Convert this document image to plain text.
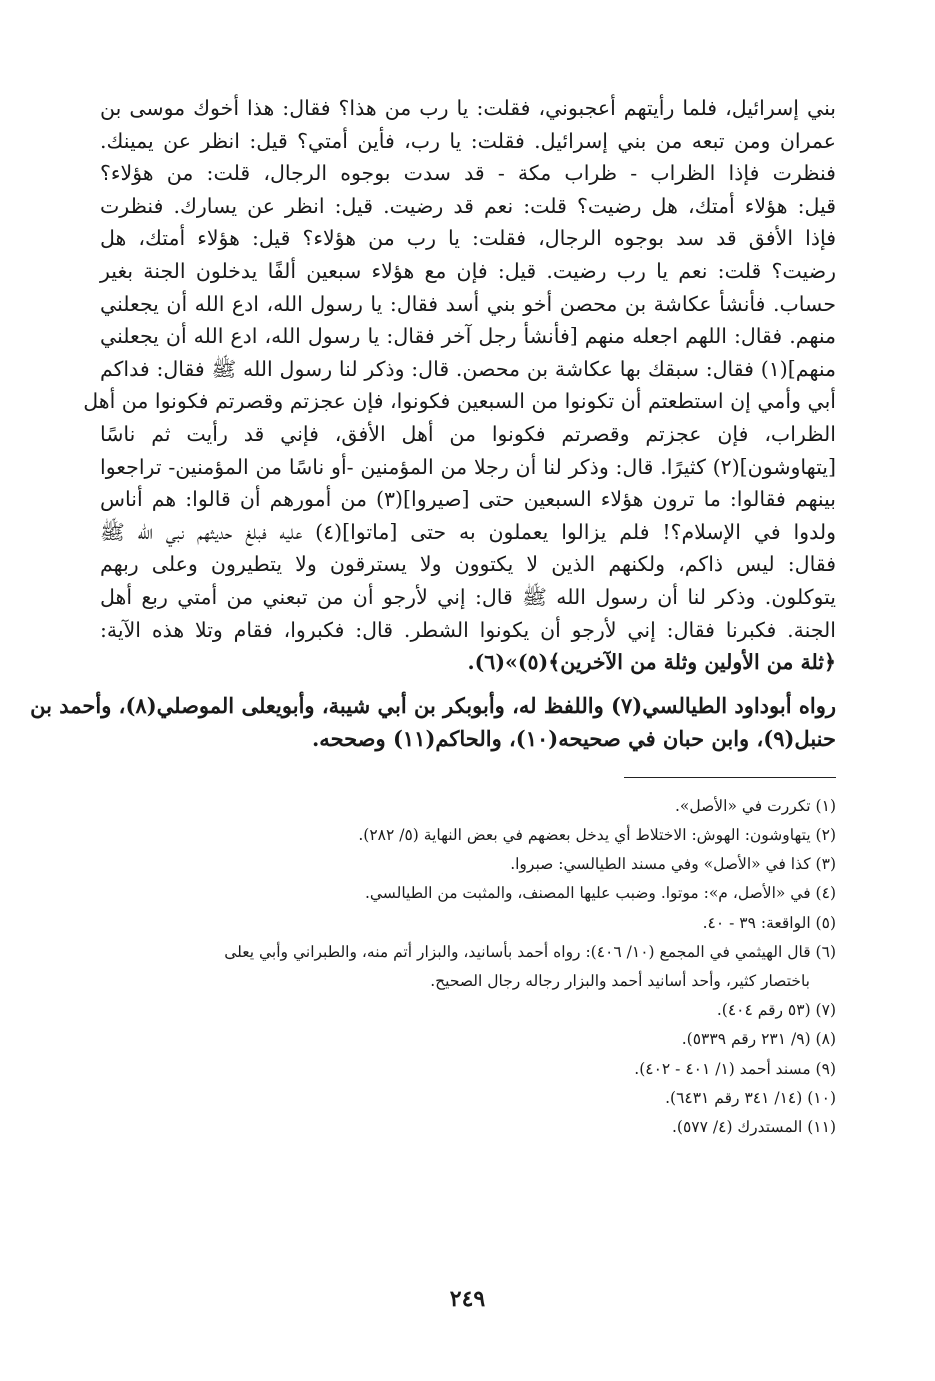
بني إسرائيل، فلما رأيتهم أعجبوني، فقلت: يا رب من هذا؟ فقال: هذا أخوك موسى بن
عمران ومن تبعه من بني إسرائيل. فقلت: يا رب، فأين أمتي؟ قيل: انظر عن يمينك.
فنظرت فإذا الظراب - ظراب مكة - قد سدت بوجوه الرجال، قلت: من هؤلاء؟
قيل: هؤلاء أمتك، هل رضيت؟ قلت: نعم قد رضيت. قيل: انظر عن يسارك. فنظرت
فإذا الأفق قد سد بوجوه الرجال، فقلت: يا رب من هؤلاء؟ قيل: هؤلاء أمتك، هل
رضيت؟ قلت: نعم يا رب رضيت. قيل: فإن مع هؤلاء سبعين ألفًا يدخلون الجنة بغير
حساب. فأنشأ عكاشة بن محصن أخو بني أسد فقال: يا رسول الله، ادع الله أن يجعلني
منهم. فقال: اللهم اجعله منهم [فأنشأ رجل آخر فقال: يا رسول الله، ادع الله أن يجعلني
منهم](١) فقال: سبقك بها عكاشة بن محصن. قال: وذكر لنا رسول الله ﷺ فقال: فداكم
أبي وأمي إن استطعتم أن تكونوا من السبعين فكونوا، فإن عجزتم وقصرتم فكونوا من أهل
الظراب، فإن عجزتم وقصرتم فكونوا من أهل الأفق، فإني قد رأيت ثم ناسًا
[يتهاوشون](٢) كثيرًا. قال: وذكر لنا أن رجلا من المؤمنين -أو ناسًا من المؤمنين- تراجعوا
بينهم فقالوا: ما ترون هؤلاء السبعين حتى [صيروا](٣) من أمورهم أن قالوا: هم أناس
ولدوا في الإسلام؟! فلم يزالوا يعملون به حتى [ماتوا](٤) عليه فبلغ حديثهم نبي الله ﷺ
فقال: ليس ذاكم، ولكنهم الذين لا يكتوون ولا يسترقون ولا يتطيرون وعلى ربهم
يتوكلون. وذكر لنا أن رسول الله ﷺ قال: إني لأرجو أن من تبعني من أمتي ربع أهل
الجنة. فكبرنا فقال: إني لأرجو أن يكونوا الشطر. قال: فكبروا، فقام وتلا هذه الآية:
﴿ثلة من الأولين وثلة من الآخرين﴾(٥)»(٦).
رواه أبوداود الطيالسي(٧) واللفظ له، وأبوبكر بن أبي شيبة، وأبويعلى الموصلي(٨)، وأحمد بن
حنبل(٩)، وابن حبان في صحيحه(١٠)، والحاكم(١١) وصححه.
(١) تكررت في «الأصل».
(٢) يتهاوشون: الهوش: الاختلاط أي يدخل بعضهم في بعض النهاية (٥/ ٢٨٢).
(٣) كذا في «الأصل» وفي مسند الطيالسي: صبروا.
(٤) في «الأصل، م»: موتوا. وضبب عليها المصنف، والمثبت من الطيالسي.
(٥) الواقعة: ٣٩ - ٤٠.
(٦) قال الهيثمي في المجمع (١٠/ ٤٠٦): رواه أحمد بأسانيد، والبزار أتم منه، والطبراني وأبي يعلى
باختصار كثير، وأحد أسانيد أحمد والبزار رجاله رجال الصحيح.
(٧) (٥٣ رقم ٤٠٤).
(٨) (٩/ ٢٣١ رقم ٥٣٣٩).
(٩) مسند أحمد (١/ ٤٠١ - ٤٠٢).
(١٠) (١٤/ ٣٤١ رقم ٦٤٣١).
(١١) المستدرك (٤/ ٥٧٧).
٢٤٩
